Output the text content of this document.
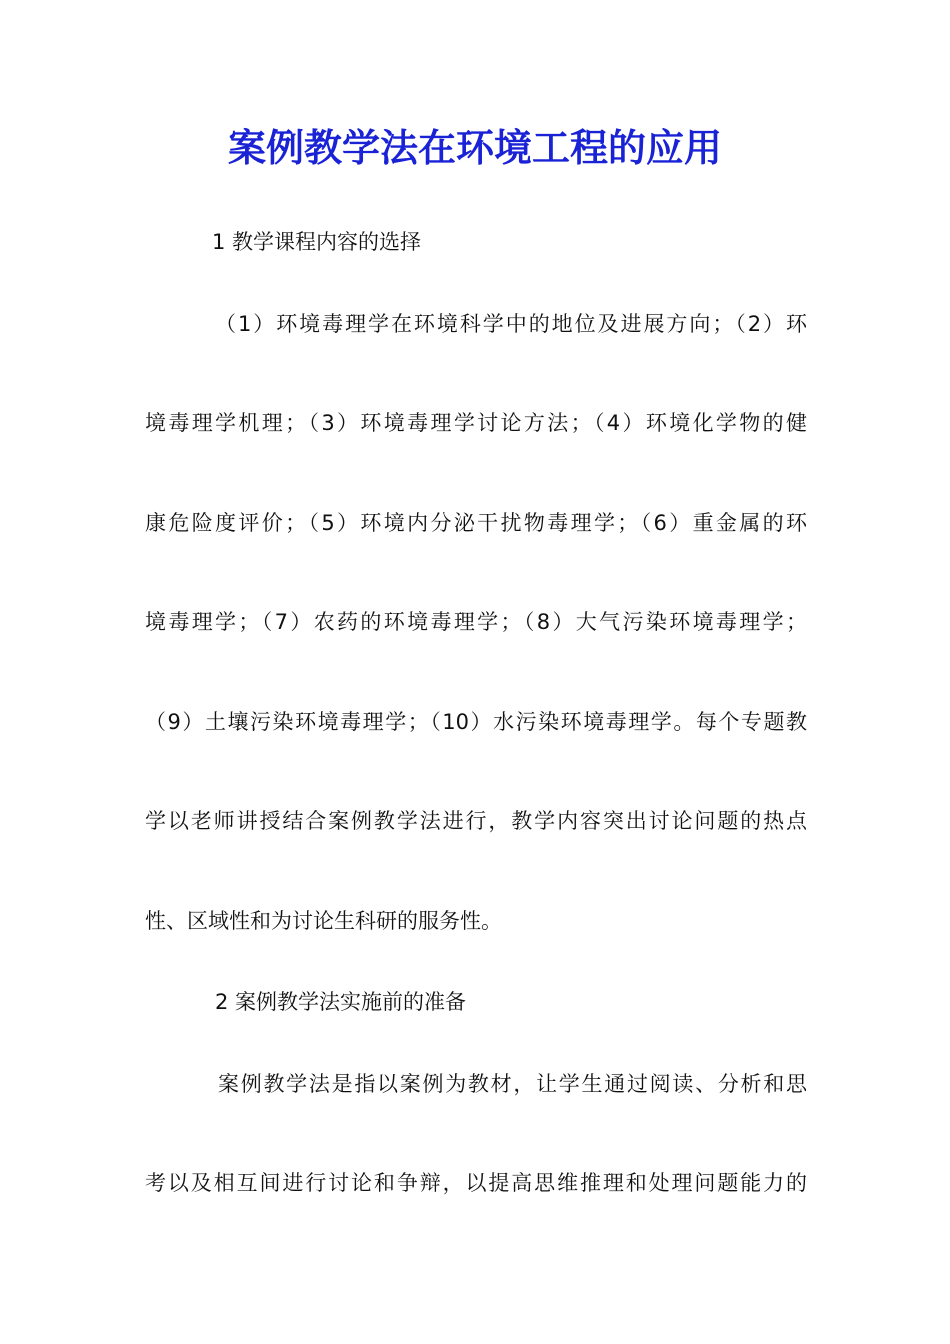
案例教学法在环境工程的应用
1 教学课程内容的选择
（1）环境毒理学在环境科学中的地位及进展方向；（2）环
境毒理学机理；（3）环境毒理学讨论方法；（4）环境化学物的健
康危险度评价；（5）环境内分泌干扰物毒理学；（6）重金属的环
境毒理学；（7）农药的环境毒理学；（8）大气污染环境毒理学；
（9）土壤污染环境毒理学；（10）水污染环境毒理学。每个专题教
学以老师讲授结合案例教学法进行，教学内容突出讨论问题的热点
性、区域性和为讨论生科研的服务性。
2 案例教学法实施前的准备
案例教学法是指以案例为教材，让学生通过阅读、分析和思
考以及相互间进行讨论和争辩，以提高思维推理和处理问题能力的
